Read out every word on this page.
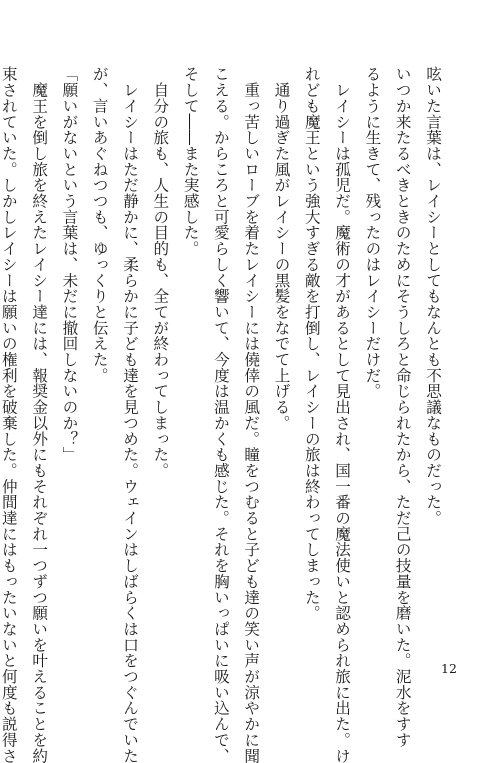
呟いた言葉は、レイシーとしてもなんとも不思議なものだった。
いつか来たるべきときのためにそうしろと命じられたから、ただ己の技量を磨いた。泥水をすす
るように生きて、残ったのはレイシーだけだ。
　レイシーは孤児だ。魔術の才があるとして見出され、国一番の魔法使いと認められ旅に出た。け
れども魔王という強大すぎる敵を打倒し、レイシーの旅は終わってしまった。
　通り過ぎた風がレイシーの黒髪をなでて上げる。
　重っ苦しいローブを着たレイシーには僥倖の風だ。瞳をつむると子ども達の笑い声が涼やかに聞
こえる。からころと可愛らしく響いて、今度は温かくも感じた。それを胸いっぱいに吸い込んで、
そして――また実感した。
　自分の旅も、人生の目的も、全てが終わってしまった。
　レイシーはただ静かに、柔らかに子ども達を見つめた。ウェインはしばらくは口をつぐんでいた
が、言いあぐねつつも、ゆっくりと伝えた。
「願いがないという言葉は、未だに撤回しないのか？」
　魔王を倒し旅を終えたレイシー達には、報奨金以外にもそれぞれ一つずつ願いを叶えることを約
束されていた。しかしレイシーは願いの権利を破棄した。仲間達にはもったいないと何度も説得さ	12
